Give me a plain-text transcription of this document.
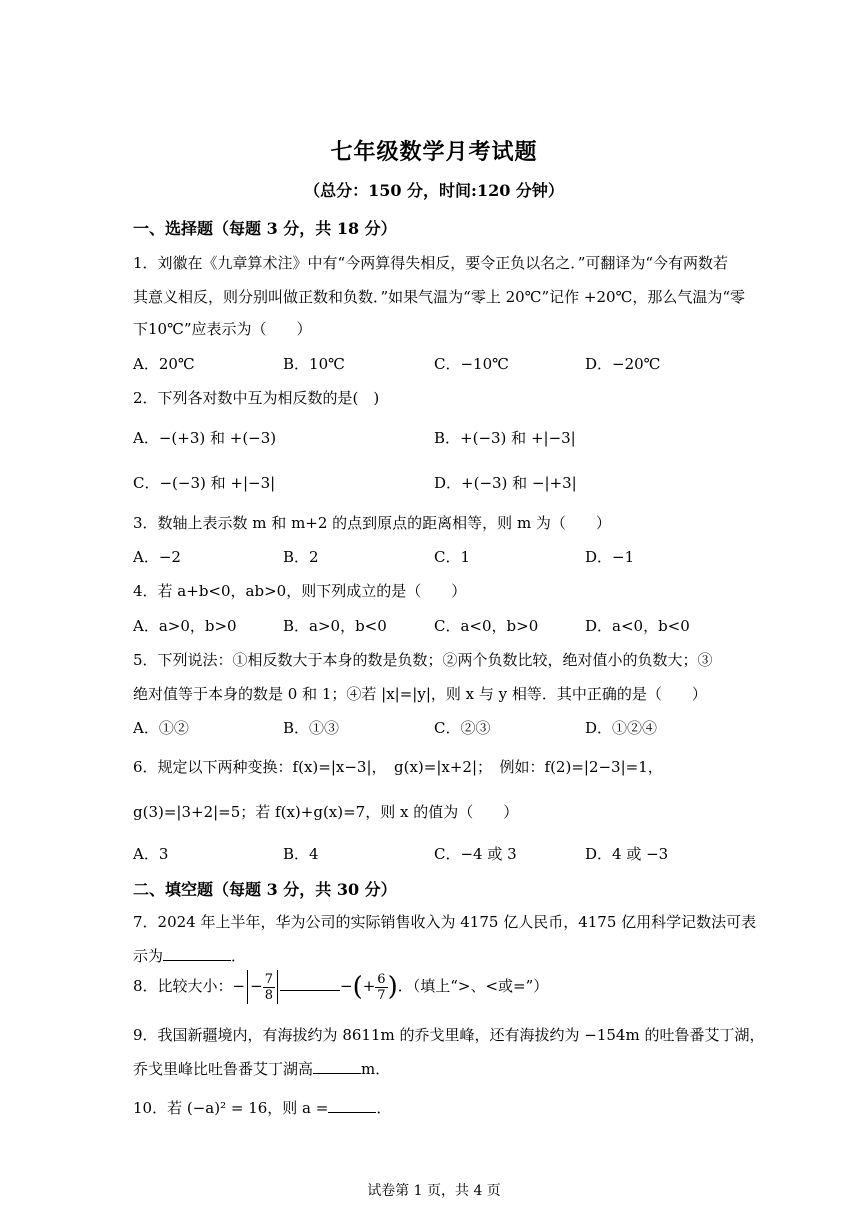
七年级数学月考试题
（总分：150 分，时间:120 分钟）
一、选择题（每题 3 分，共 18 分）
1．刘徽在《九章算术注》中有“今两算得失相反，要令正负以名之．”可翻译为“今有两数若
其意义相反，则分别叫做正数和负数．”如果气温为“零上 20℃”记作 +20℃，那么气温为“零
下10℃”应表示为（　　）
A．20℃	B．10℃	C．−10℃	D．−20℃
2．下列各对数中互为相反数的是(　)
A．−(+3) 和 +(−3)	B．+(−3) 和 +|−3|
C．−(−3) 和 +|−3|	D．+(−3) 和 −|+3|
3．数轴上表示数 m 和 m+2 的点到原点的距离相等，则 m 为（　　）
A．−2	B．2	C．1	D．−1
4．若 a+b<0，ab>0，则下列成立的是（　　）
A．a>0，b>0	B．a>0，b<0	C．a<0，b>0	D．a<0，b<0
5．下列说法：①相反数大于本身的数是负数；②两个负数比较，绝对值小的负数大；③
绝对值等于本身的数是 0 和 1；④若 |x|=|y|，则 x 与 y 相等．其中正确的是（　　）
A．①②	B．①③	C．②③	D．①②④
6．规定以下两种变换：f(x)=|x−3|，　g(x)=|x+2|；　例如：f(2)=|2−3|=1，
g(3)=|3+2|=5；若 f(x)+g(x)=7，则 x 的值为（　　）
A．3	B．4	C．−4 或 3	D．4 或 −3
二、填空题（每题 3 分，共 30 分）
7．2024 年上半年，华为公司的实际销售收入为 4175 亿人民币，4175 亿用科学记数法可表
示为	．
8．比较大小：− − $\frac{7}{8}$	−(+ $\frac{6}{7}$ )．（填上“>、<或=”）
9．我国新疆境内，有海拔约为 8611m 的乔戈里峰，还有海拔约为 −154m 的吐鲁番艾丁湖，
乔戈里峰比吐鲁番艾丁湖高	m．
10．若 (−a)² = 16，则 a =	．
试卷第 1 页，共 4 页
